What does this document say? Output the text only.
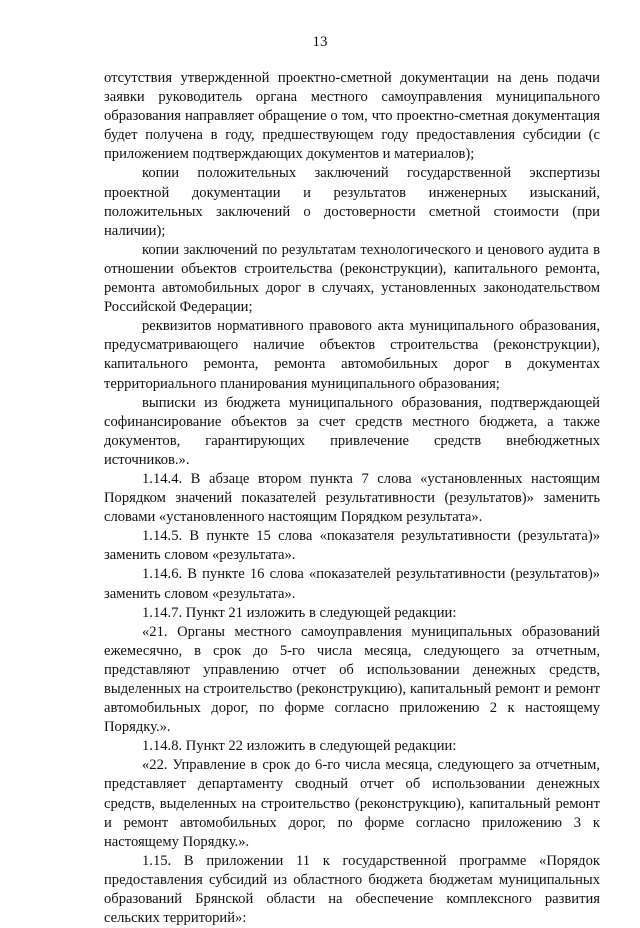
13

отсутствия утвержденной проектно-сметной документации на день подачи заявки руководитель органа местного самоуправления муниципального образования направляет обращение о том, что проектно-сметная документация будет получена в году, предшествующем году предоставления субсидии (с приложением подтверждающих документов и материалов);

копии положительных заключений государственной экспертизы проектной документации и результатов инженерных изысканий, положительных заключений о достоверности сметной стоимости (при наличии);

копии заключений по результатам технологического и ценового аудита в отношении объектов строительства (реконструкции), капитального ремонта, ремонта автомобильных дорог в случаях, установленных законодательством Российской Федерации;

реквизитов нормативного правового акта муниципального образования, предусматривающего наличие объектов строительства (реконструкции), капитального ремонта, ремонта автомобильных дорог в документах территориального планирования муниципального образования;

выписки из бюджета муниципального образования, подтверждающей софинансирование объектов за счет средств местного бюджета, а также документов, гарантирующих привлечение средств внебюджетных источников.».

1.14.4. В абзаце втором пункта 7 слова «установленных настоящим Порядком значений показателей результативности (результатов)» заменить словами «установленного настоящим Порядком результата».

1.14.5. В пункте 15 слова «показателя результативности (результата)» заменить словом «результата».

1.14.6. В пункте 16 слова «показателей результативности (результатов)» заменить словом «результата».

1.14.7. Пункт 21 изложить в следующей редакции:

«21. Органы местного самоуправления муниципальных образований ежемесячно, в срок до 5-го числа месяца, следующего за отчетным, представляют управлению отчет об использовании денежных средств, выделенных на строительство (реконструкцию), капитальный ремонт и ремонт автомобильных дорог, по форме согласно приложению 2 к настоящему Порядку.».

1.14.8. Пункт 22 изложить в следующей редакции:

«22. Управление в срок до 6-го числа месяца, следующего за отчетным, представляет департаменту сводный отчет об использовании денежных средств, выделенных на строительство (реконструкцию), капитальный ремонт и ремонт автомобильных дорог, по форме согласно приложению 3 к настоящему Порядку.».

1.15. В приложении 11 к государственной программе «Порядок предоставления субсидий из областного бюджета бюджетам муниципальных образований Брянской области на обеспечение комплексного развития сельских территорий»:
